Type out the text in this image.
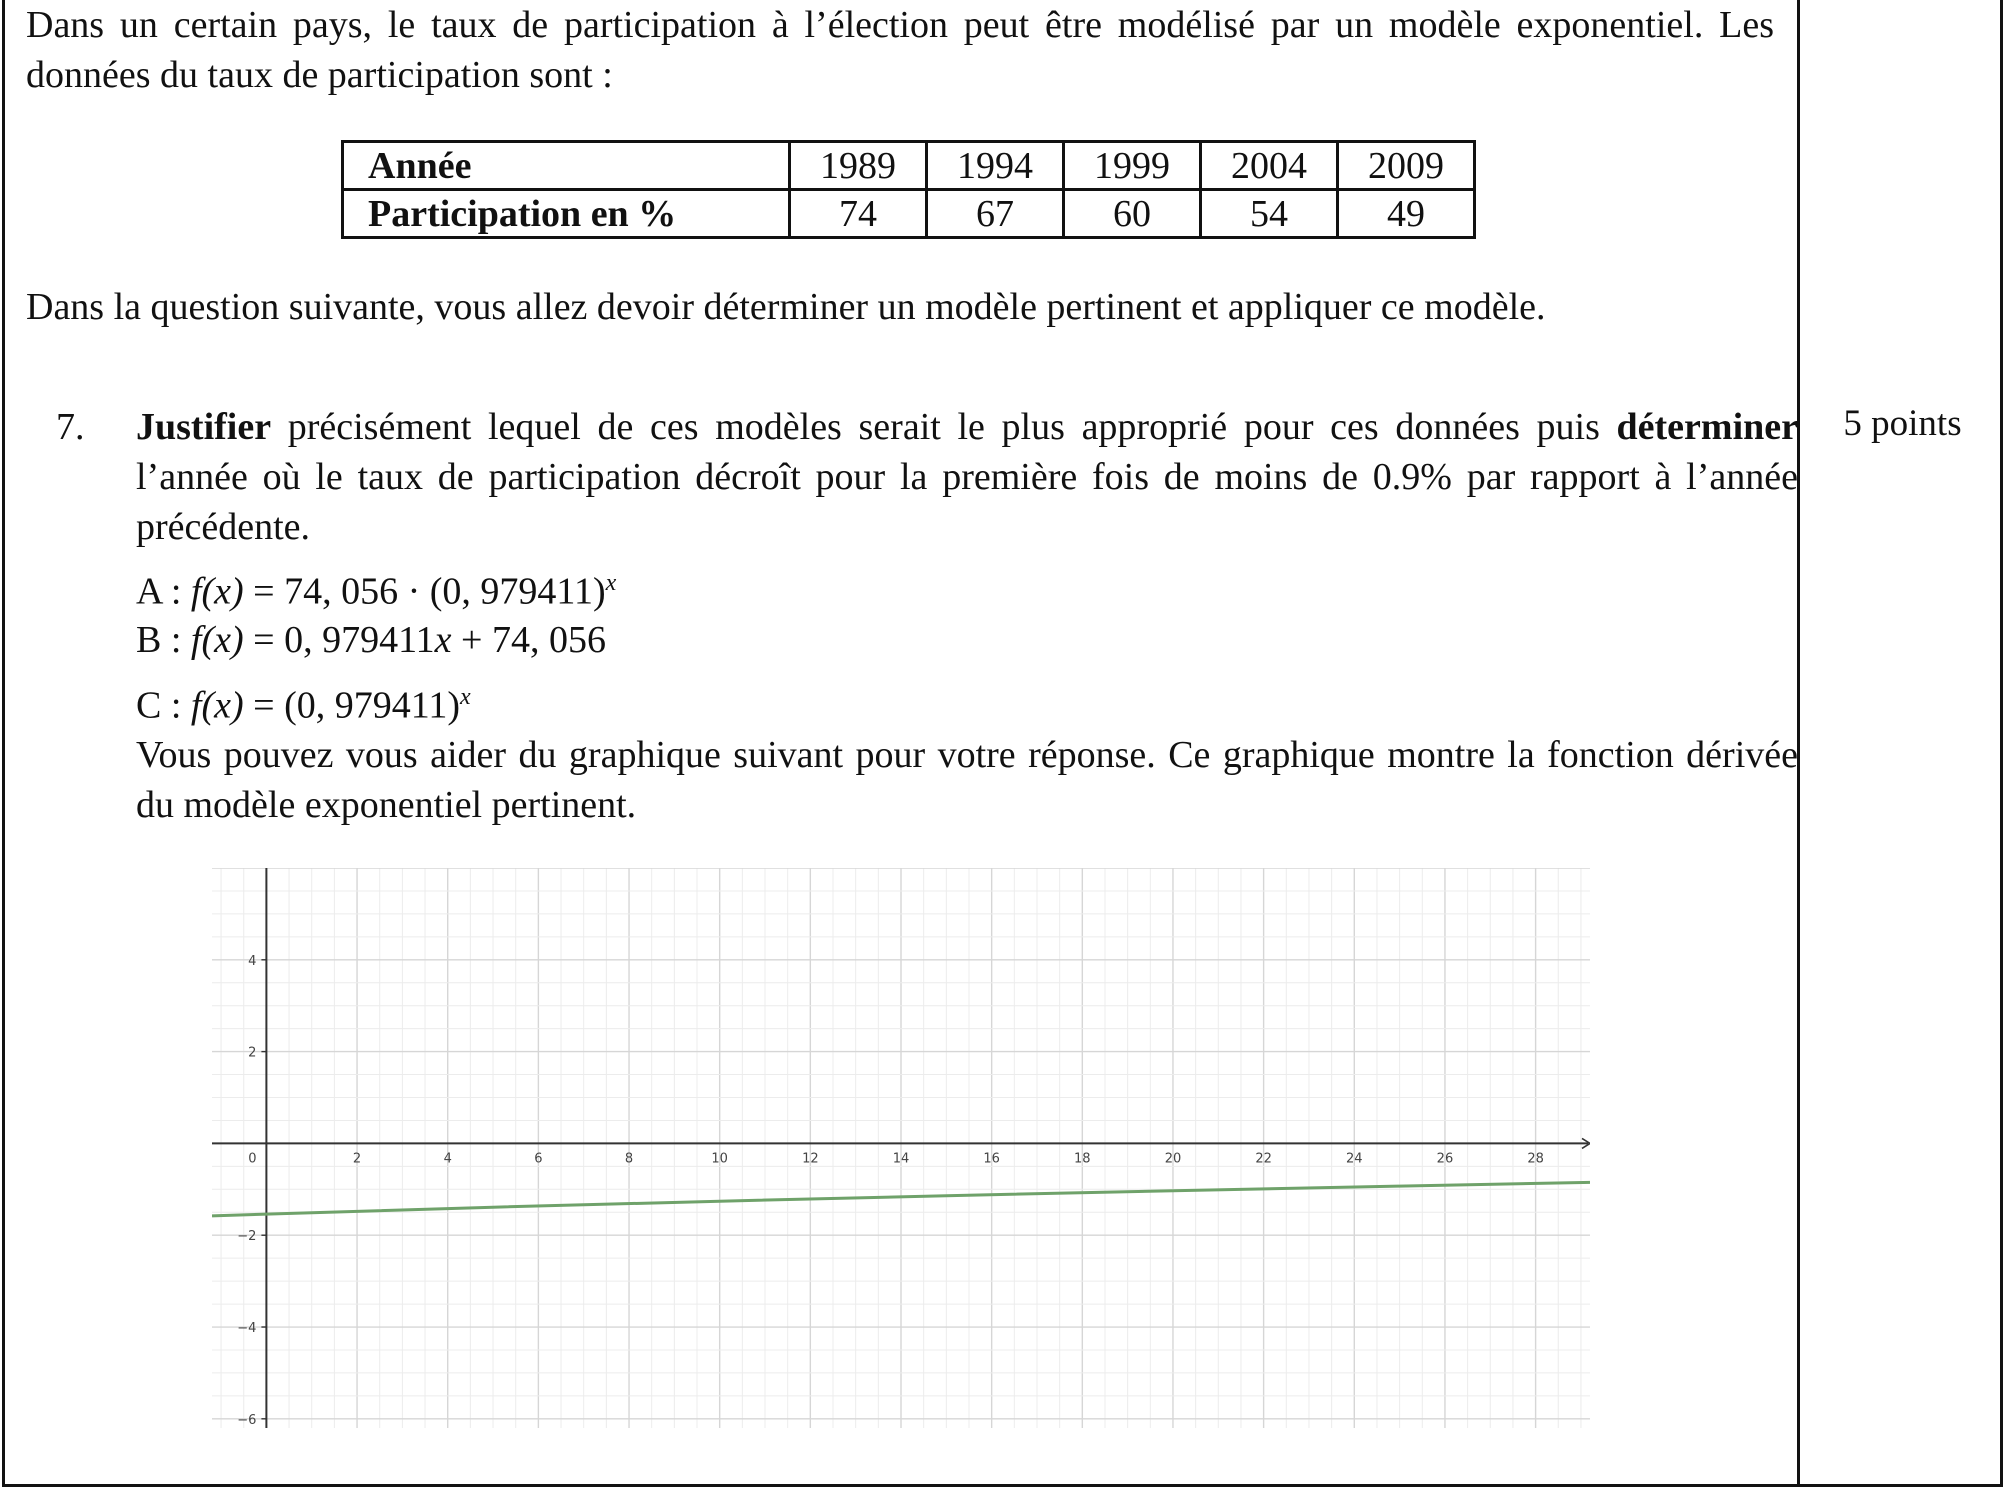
Dans un certain pays, le taux de participation à l’élection peut être modélisé par un modèle exponentiel. Les données du taux de participation sont :

Année	1989	1994	1999	2004	2009
Participation en %	74	67	60	54	49

Dans la question suivante, vous allez devoir déterminer un modèle pertinent et appliquer ce modèle.

7. Justifier précisément lequel de ces modèles serait le plus approprié pour ces données puis déterminer l’année où le taux de participation décroît pour la première fois de moins de 0.9% par rapport à l’année précédente.

A : f(x) = 74, 056 · (0, 979411)$^x$
B : f(x) = 0, 979411x + 74, 056
C : f(x) = (0, 979411)$^x$

Vous pouvez vous aider du graphique suivant pour votre réponse. Ce graphique montre la fonction dérivée du modèle exponentiel pertinent.

5 points
0	2	4	6	8	10	12	14	16	18	20	22	24	26	28
4
2
−2
−4
−6
